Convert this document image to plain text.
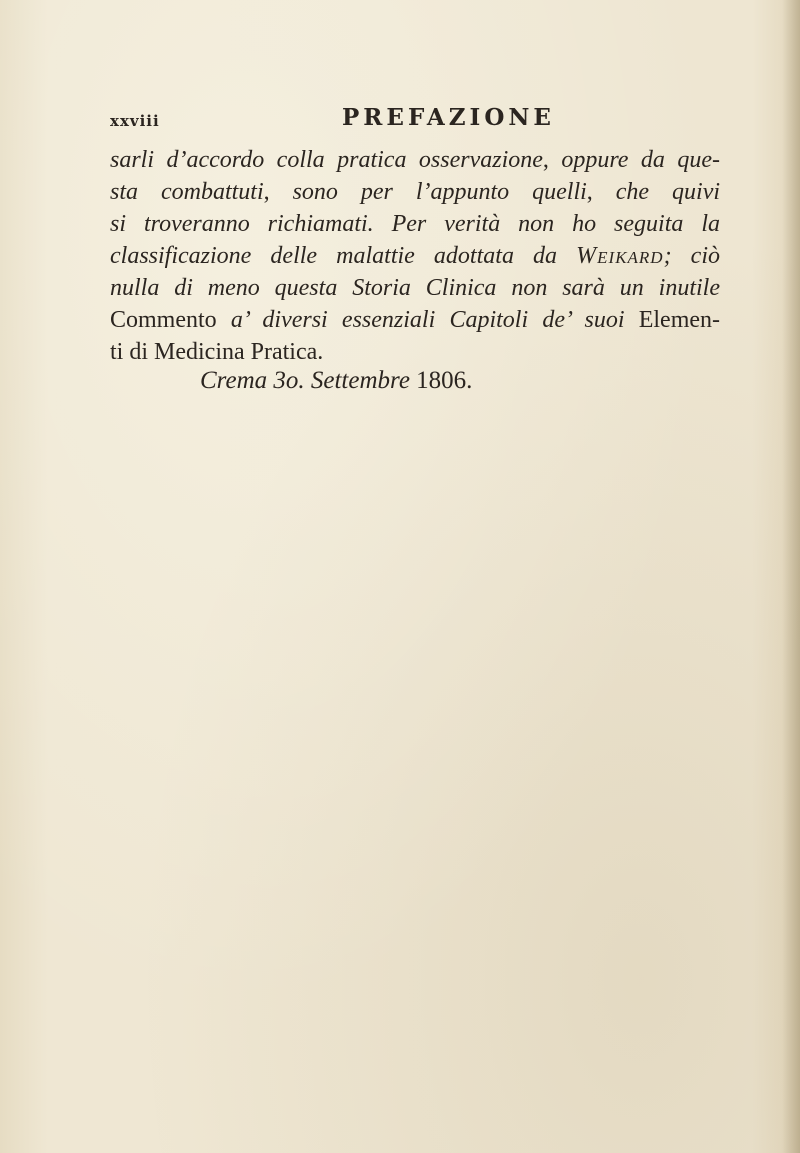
xxviii	PREFAZIONE
sarli d’accordo colla pratica osservazione, oppure da que-
sta combattuti, sono per l’appunto quelli, che quivi
si troveranno richiamati. Per verità non ho seguita la
classificazione delle malattie adottata da Weikard; ciò
nulla di meno questa Storia Clinica non sarà un inutile
Commento a’ diversi essenziali Capitoli de’ suoi Elemen-
ti di Medicina Pratica.
Crema 3o. Settembre 1806.
